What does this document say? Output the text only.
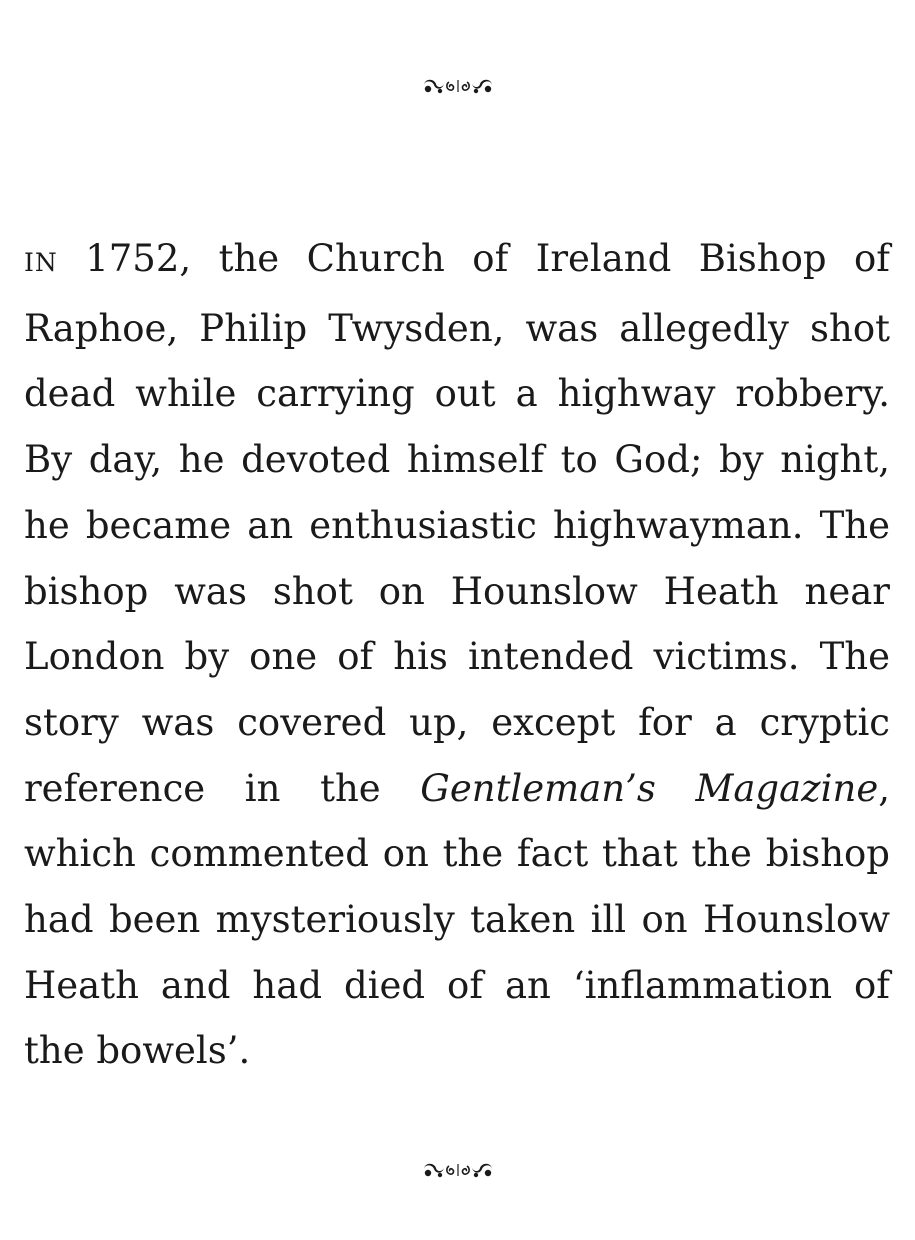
IN 1752, the Church of Ireland Bishop of Raphoe, Philip Twysden, was allegedly shot dead while carrying out a highway robbery. By day, he devoted himself to God; by night, he became an enthusiastic highwayman. The bishop was shot on Hounslow Heath near London by one of his intended victims. The story was covered up, except for a cryptic reference in the Gentleman’s Magazine, which commented on the fact that the bishop had been mysteriously taken ill on Hounslow Heath and had died of an ‘inflammation of the bowels’.
